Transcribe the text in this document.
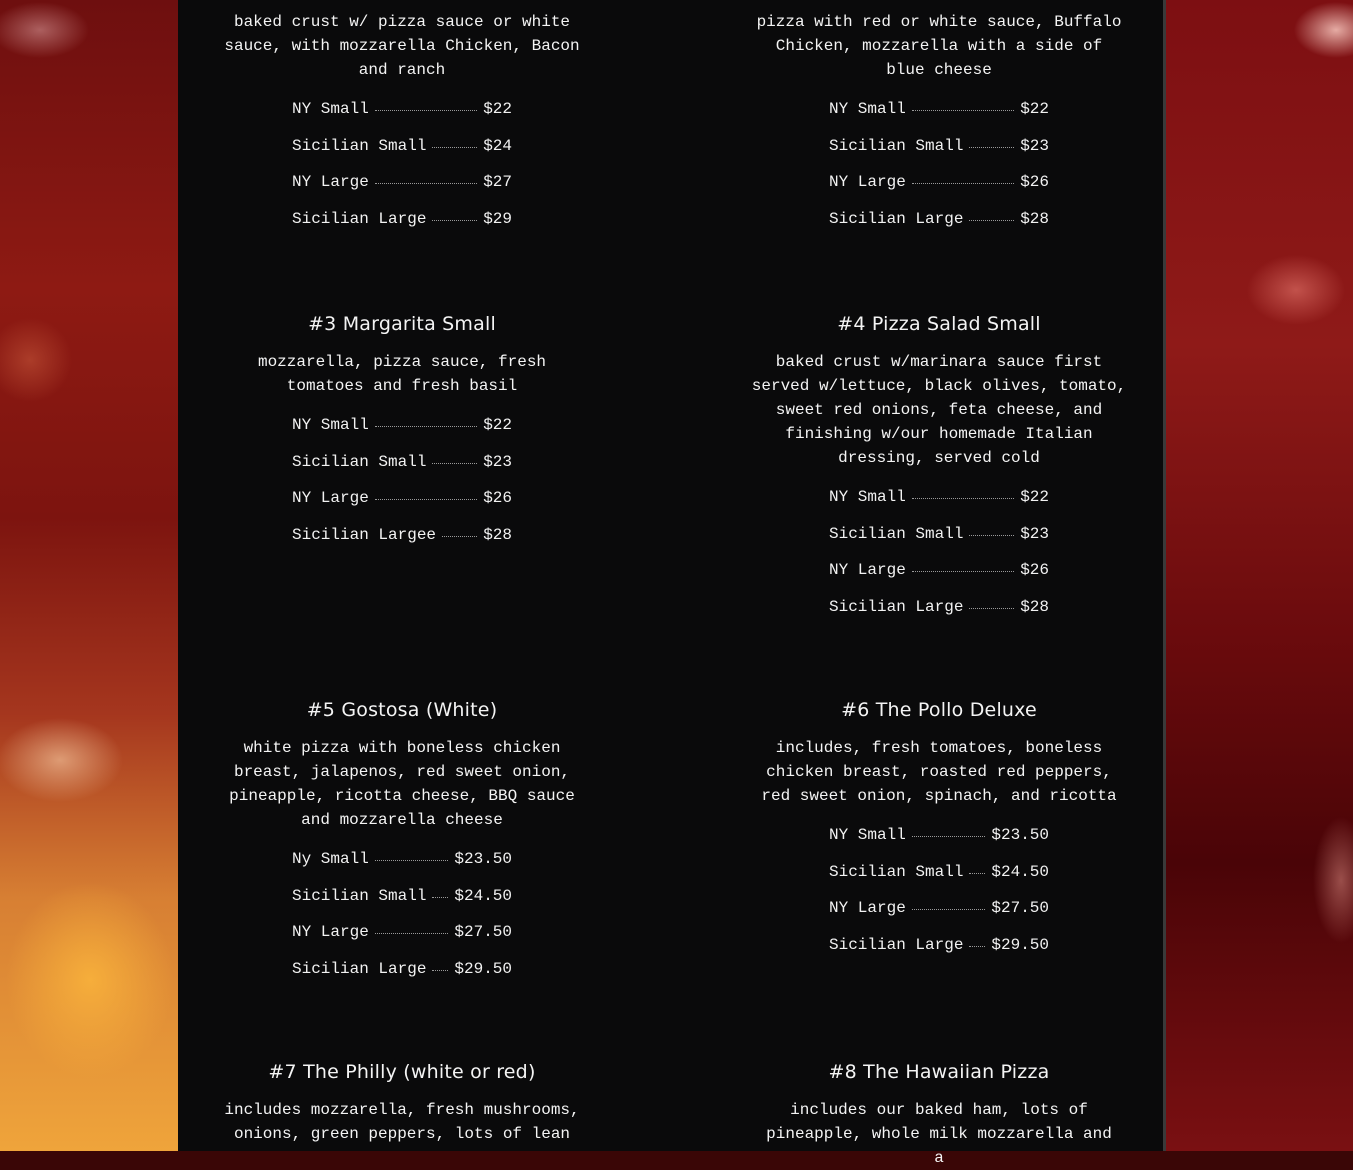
baked crust w/ pizza sauce or white sauce, with mozzarella Chicken, Bacon and ranch

NY Small	$22
Sicilian Small	$24
NY Large	$27
Sicilian Large	$29

pizza with red or white sauce, Buffalo Chicken, mozzarella with a side of blue cheese

NY Small	$22
Sicilian Small	$23
NY Large	$26
Sicilian Large	$28
#3 Margarita Small

mozzarella, pizza sauce, fresh tomatoes and fresh basil

NY Small	$22
Sicilian Small	$23
NY Large	$26
Sicilian Largee	$28
#4 Pizza Salad Small

baked crust w/marinara sauce first served w/lettuce, black olives, tomato, sweet red onions, feta cheese, and finishing w/our homemade Italian dressing, served cold

NY Small	$22
Sicilian Small	$23
NY Large	$26
Sicilian Large	$28
#5 Gostosa (White)

white pizza with boneless chicken breast, jalapenos, red sweet onion, pineapple, ricotta cheese, BBQ sauce and mozzarella cheese

Ny Small	$23.50
Sicilian Small $24.50
NY Large	$27.50
Sicilian Large $29.50
#6 The Pollo Deluxe

includes, fresh tomatoes, boneless chicken breast, roasted red peppers, red sweet onion, spinach, and ricotta

NY Small	$23.50
Sicilian Small $24.50
NY Large	$27.50
Sicilian Large $29.50
#7 The Philly (white or red)

includes mozzarella, fresh mushrooms, onions, green peppers, lots of lean

#8 The Hawaiian Pizza

includes our baked ham, lots of pineapple, whole milk mozzarella and a
